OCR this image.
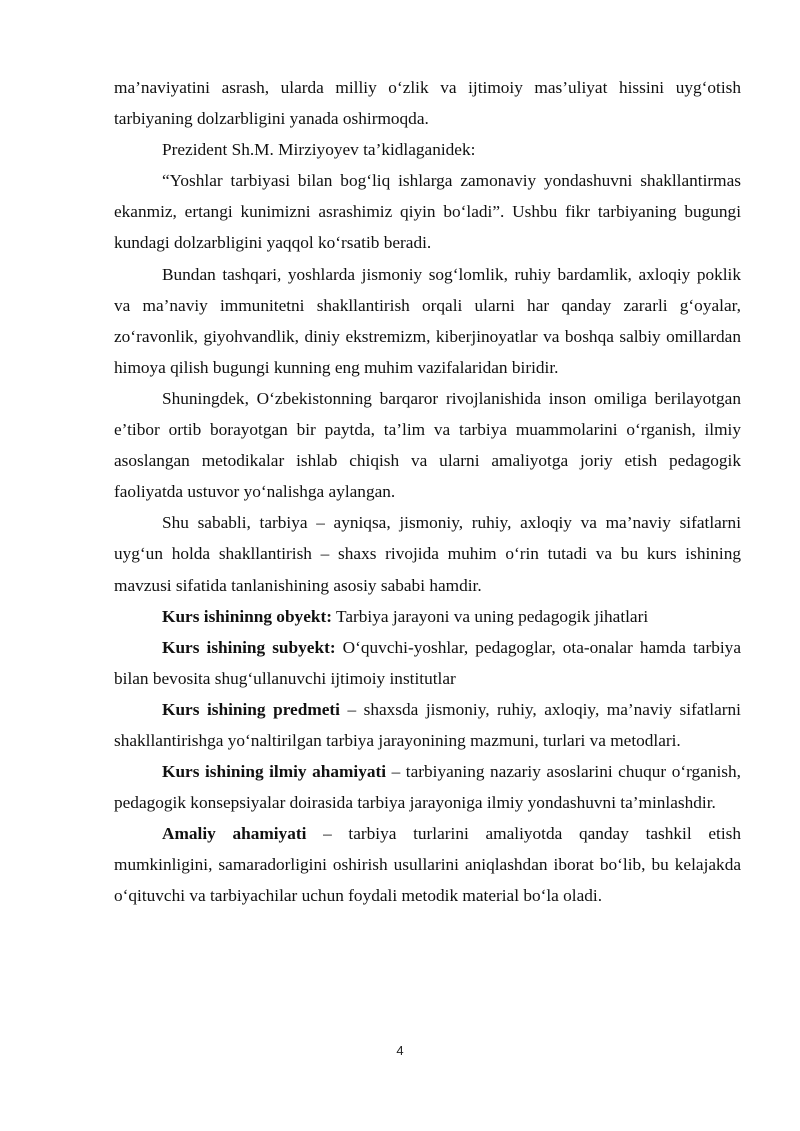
ma’naviyatini asrash, ularda milliy o‘zlik va ijtimoiy mas’uliyat hissini uyg‘otish tarbiyaning dolzarbligini yanada oshirmoqda.

Prezident Sh.M. Mirziyoyev ta’kidlaganidek:

“Yoshlar tarbiyasi bilan bog‘liq ishlarga zamonaviy yondashuvni shakllantirmas ekanmiz, ertangi kunimizni asrashimiz qiyin bo‘ladi”. Ushbu fikr tarbiyaning bugungi kundagi dolzarbligini yaqqol ko‘rsatib beradi.

Bundan tashqari, yoshlarda jismoniy sog‘lomlik, ruhiy bardamlik, axloqiy poklik va ma’naviy immunitetni shakllantirish orqali ularni har qanday zararli g‘oyalar, zo‘ravonlik, giyohvandlik, diniy ekstremizm, kiberjinoyatlar va boshqa salbiy omillardan himoya qilish bugungi kunning eng muhim vazifalaridan biridir.

Shuningdek, O‘zbekistonning barqaror rivojlanishida inson omiliga berilayotgan e’tibor ortib borayotgan bir paytda, ta’lim va tarbiya muammolarini o‘rganish, ilmiy asoslangan metodikalar ishlab chiqish va ularni amaliyotga joriy etish pedagogik faoliyatda ustuvor yo‘nalishga aylangan.

Shu sababli, tarbiya – ayniqsa, jismoniy, ruhiy, axloqiy va ma’naviy sifatlarni uyg‘un holda shakllantirish – shaxs rivojida muhim o‘rin tutadi va bu kurs ishining mavzusi sifatida tanlanishining asosiy sababi hamdir.

Kurs ishininng obyekt: Tarbiya jarayoni va uning pedagogik jihatlari

Kurs ishining subyekt: O‘quvchi-yoshlar, pedagoglar, ota-onalar hamda tarbiya bilan bevosita shug‘ullanuvchi ijtimoiy institutlar

Kurs ishining predmeti – shaxsda jismoniy, ruhiy, axloqiy, ma’naviy sifatlarni shakllantirishga yo‘naltirilgan tarbiya jarayonining mazmuni, turlari va metodlari.

Kurs ishining ilmiy ahamiyati – tarbiyaning nazariy asoslarini chuqur o‘rganish, pedagogik konsepsiyalar doirasida tarbiya jarayoniga ilmiy yondashuvni ta’minlashdir.

Amaliy ahamiyati – tarbiya turlarini amaliyotda qanday tashkil etish mumkinligini, samaradorligini oshirish usullarini aniqlashdan iborat bo‘lib, bu kelajakda o‘qituvchi va tarbiyachilar uchun foydali metodik material bo‘la oladi.

4
